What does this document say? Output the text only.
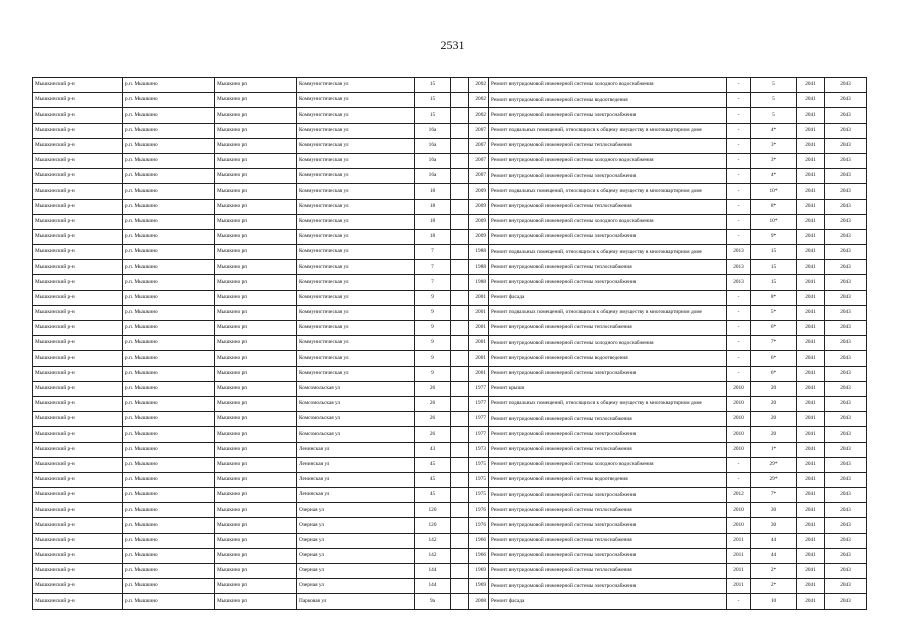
2531
Мышкинский р-н	р.п. Мышкино	Мышкино рп	Коммунистическая ул	15		2002	Ремонт внутридомовой инженерной системы холодного водоснабжения	-	5	2041	2043
Мышкинский р-н	р.п. Мышкино	Мышкино рп	Коммунистическая ул	15		2002	Ремонт внутридомовой инженерной системы водоотведения	-	5	2041	2043
Мышкинский р-н	р.п. Мышкино	Мышкино рп	Коммунистическая ул	15		2002	Ремонт внутридомовой инженерной системы электроснабжения	-	5	2041	2043
Мышкинский р-н	р.п. Мышкино	Мышкино рп	Коммунистическая ул	16а		2007	Ремонт подвальных помещений, относящихся к общему имуществу в многоквартирном доме	-	4*	2041	2043
Мышкинский р-н	р.п. Мышкино	Мышкино рп	Коммунистическая ул	16а		2007	Ремонт внутридомовой инженерной системы теплоснабжения	-	3*	2041	2043
Мышкинский р-н	р.п. Мышкино	Мышкино рп	Коммунистическая ул	16а		2007	Ремонт внутридомовой инженерной системы холодного водоснабжения	-	3*	2041	2043
Мышкинский р-н	р.п. Мышкино	Мышкино рп	Коммунистическая ул	16а		2007	Ремонт внутридомовой инженерной системы электроснабжения	-	4*	2041	2043
Мышкинский р-н	р.п. Мышкино	Мышкино рп	Коммунистическая ул	18		2009	Ремонт подвальных помещений, относящихся к общему имуществу в многоквартирном доме	-	10*	2041	2043
Мышкинский р-н	р.п. Мышкино	Мышкино рп	Коммунистическая ул	18		2009	Ремонт внутридомовой инженерной системы теплоснабжения	-	8*	2041	2043
Мышкинский р-н	р.п. Мышкино	Мышкино рп	Коммунистическая ул	18		2009	Ремонт внутридомовой инженерной системы холодного водоснабжения	-	10*	2041	2043
Мышкинский р-н	р.п. Мышкино	Мышкино рп	Коммунистическая ул	18		2009	Ремонт внутридомовой инженерной системы электроснабжения	-	9*	2041	2043
Мышкинский р-н	р.п. Мышкино	Мышкино рп	Коммунистическая ул	7		1988	Ремонт подвальных помещений, относящихся к общему имуществу в многоквартирном доме	2013	15	2041	2043
Мышкинский р-н	р.п. Мышкино	Мышкино рп	Коммунистическая ул	7		1988	Ремонт внутридомовой инженерной системы теплоснабжения	2013	15	2041	2043
Мышкинский р-н	р.п. Мышкино	Мышкино рп	Коммунистическая ул	7		1988	Ремонт внутридомовой инженерной системы электроснабжения	2013	15	2041	2043
Мышкинский р-н	р.п. Мышкино	Мышкино рп	Коммунистическая ул	9		2001	Ремонт фасада	-	8*	2041	2043
Мышкинский р-н	р.п. Мышкино	Мышкино рп	Коммунистическая ул	9		2001	Ремонт подвальных помещений, относящихся к общему имуществу в многоквартирном доме	-	5*	2041	2043
Мышкинский р-н	р.п. Мышкино	Мышкино рп	Коммунистическая ул	9		2001	Ремонт внутридомовой инженерной системы теплоснабжения	-	6*	2041	2043
Мышкинский р-н	р.п. Мышкино	Мышкино рп	Коммунистическая ул	9		2001	Ремонт внутридомовой инженерной системы холодного водоснабжения	-	7*	2041	2043
Мышкинский р-н	р.п. Мышкино	Мышкино рп	Коммунистическая ул	9		2001	Ремонт внутридомовой инженерной системы водоотведения	-	6*	2041	2043
Мышкинский р-н	р.п. Мышкино	Мышкино рп	Коммунистическая ул	9		2001	Ремонт внутридомовой инженерной системы электроснабжения	-	6*	2041	2043
Мышкинский р-н	р.п. Мышкино	Мышкино рп	Комсомольская ул	26		1977	Ремонт крыши	2010	20	2041	2043
Мышкинский р-н	р.п. Мышкино	Мышкино рп	Комсомольская ул	26		1977	Ремонт подвальных помещений, относящихся к общему имуществу в многоквартирном доме	2010	20	2041	2043
Мышкинский р-н	р.п. Мышкино	Мышкино рп	Комсомольская ул	26		1977	Ремонт внутридомовой инженерной системы теплоснабжения	2010	20	2041	2043
Мышкинский р-н	р.п. Мышкино	Мышкино рп	Комсомольская ул	26		1977	Ремонт внутридомовой инженерной системы электроснабжения	2010	20	2041	2043
Мышкинский р-н	р.п. Мышкино	Мышкино рп	Ленинская ул	43		1973	Ремонт внутридомовой инженерной системы теплоснабжения	2010	1*	2041	2043
Мышкинский р-н	р.п. Мышкино	Мышкино рп	Ленинская ул	45		1975	Ремонт внутридомовой инженерной системы холодного водоснабжения	-	29*	2041	2043
Мышкинский р-н	р.п. Мышкино	Мышкино рп	Ленинская ул	45		1975	Ремонт внутридомовой инженерной системы водоотведения	-	29*	2041	2043
Мышкинский р-н	р.п. Мышкино	Мышкино рп	Ленинская ул	45		1975	Ремонт внутридомовой инженерной системы электроснабжения	2012	7*	2041	2043
Мышкинский р-н	р.п. Мышкино	Мышкино рп	Озерная ул	120		1976	Ремонт внутридомовой инженерной системы теплоснабжения	2010	30	2041	2043
Мышкинский р-н	р.п. Мышкино	Мышкино рп	Озерная ул	120		1976	Ремонт внутридомовой инженерной системы электроснабжения	2010	30	2041	2043
Мышкинский р-н	р.п. Мышкино	Мышкино рп	Озерная ул	142		1966	Ремонт внутридомовой инженерной системы теплоснабжения	2011	44	2041	2043
Мышкинский р-н	р.п. Мышкино	Мышкино рп	Озерная ул	142		1966	Ремонт внутридомовой инженерной системы электроснабжения	2011	44	2041	2043
Мышкинский р-н	р.п. Мышкино	Мышкино рп	Озерная ул	144		1969	Ремонт внутридомовой инженерной системы теплоснабжения	2011	2*	2041	2043
Мышкинский р-н	р.п. Мышкино	Мышкино рп	Озерная ул	144		1969	Ремонт внутридомовой инженерной системы электроснабжения	2011	2*	2041	2043
Мышкинский р-н	р.п. Мышкино	Мышкино рп	Парковая ул	9а		2008	Ремонт фасада	-	10	2041	2043
